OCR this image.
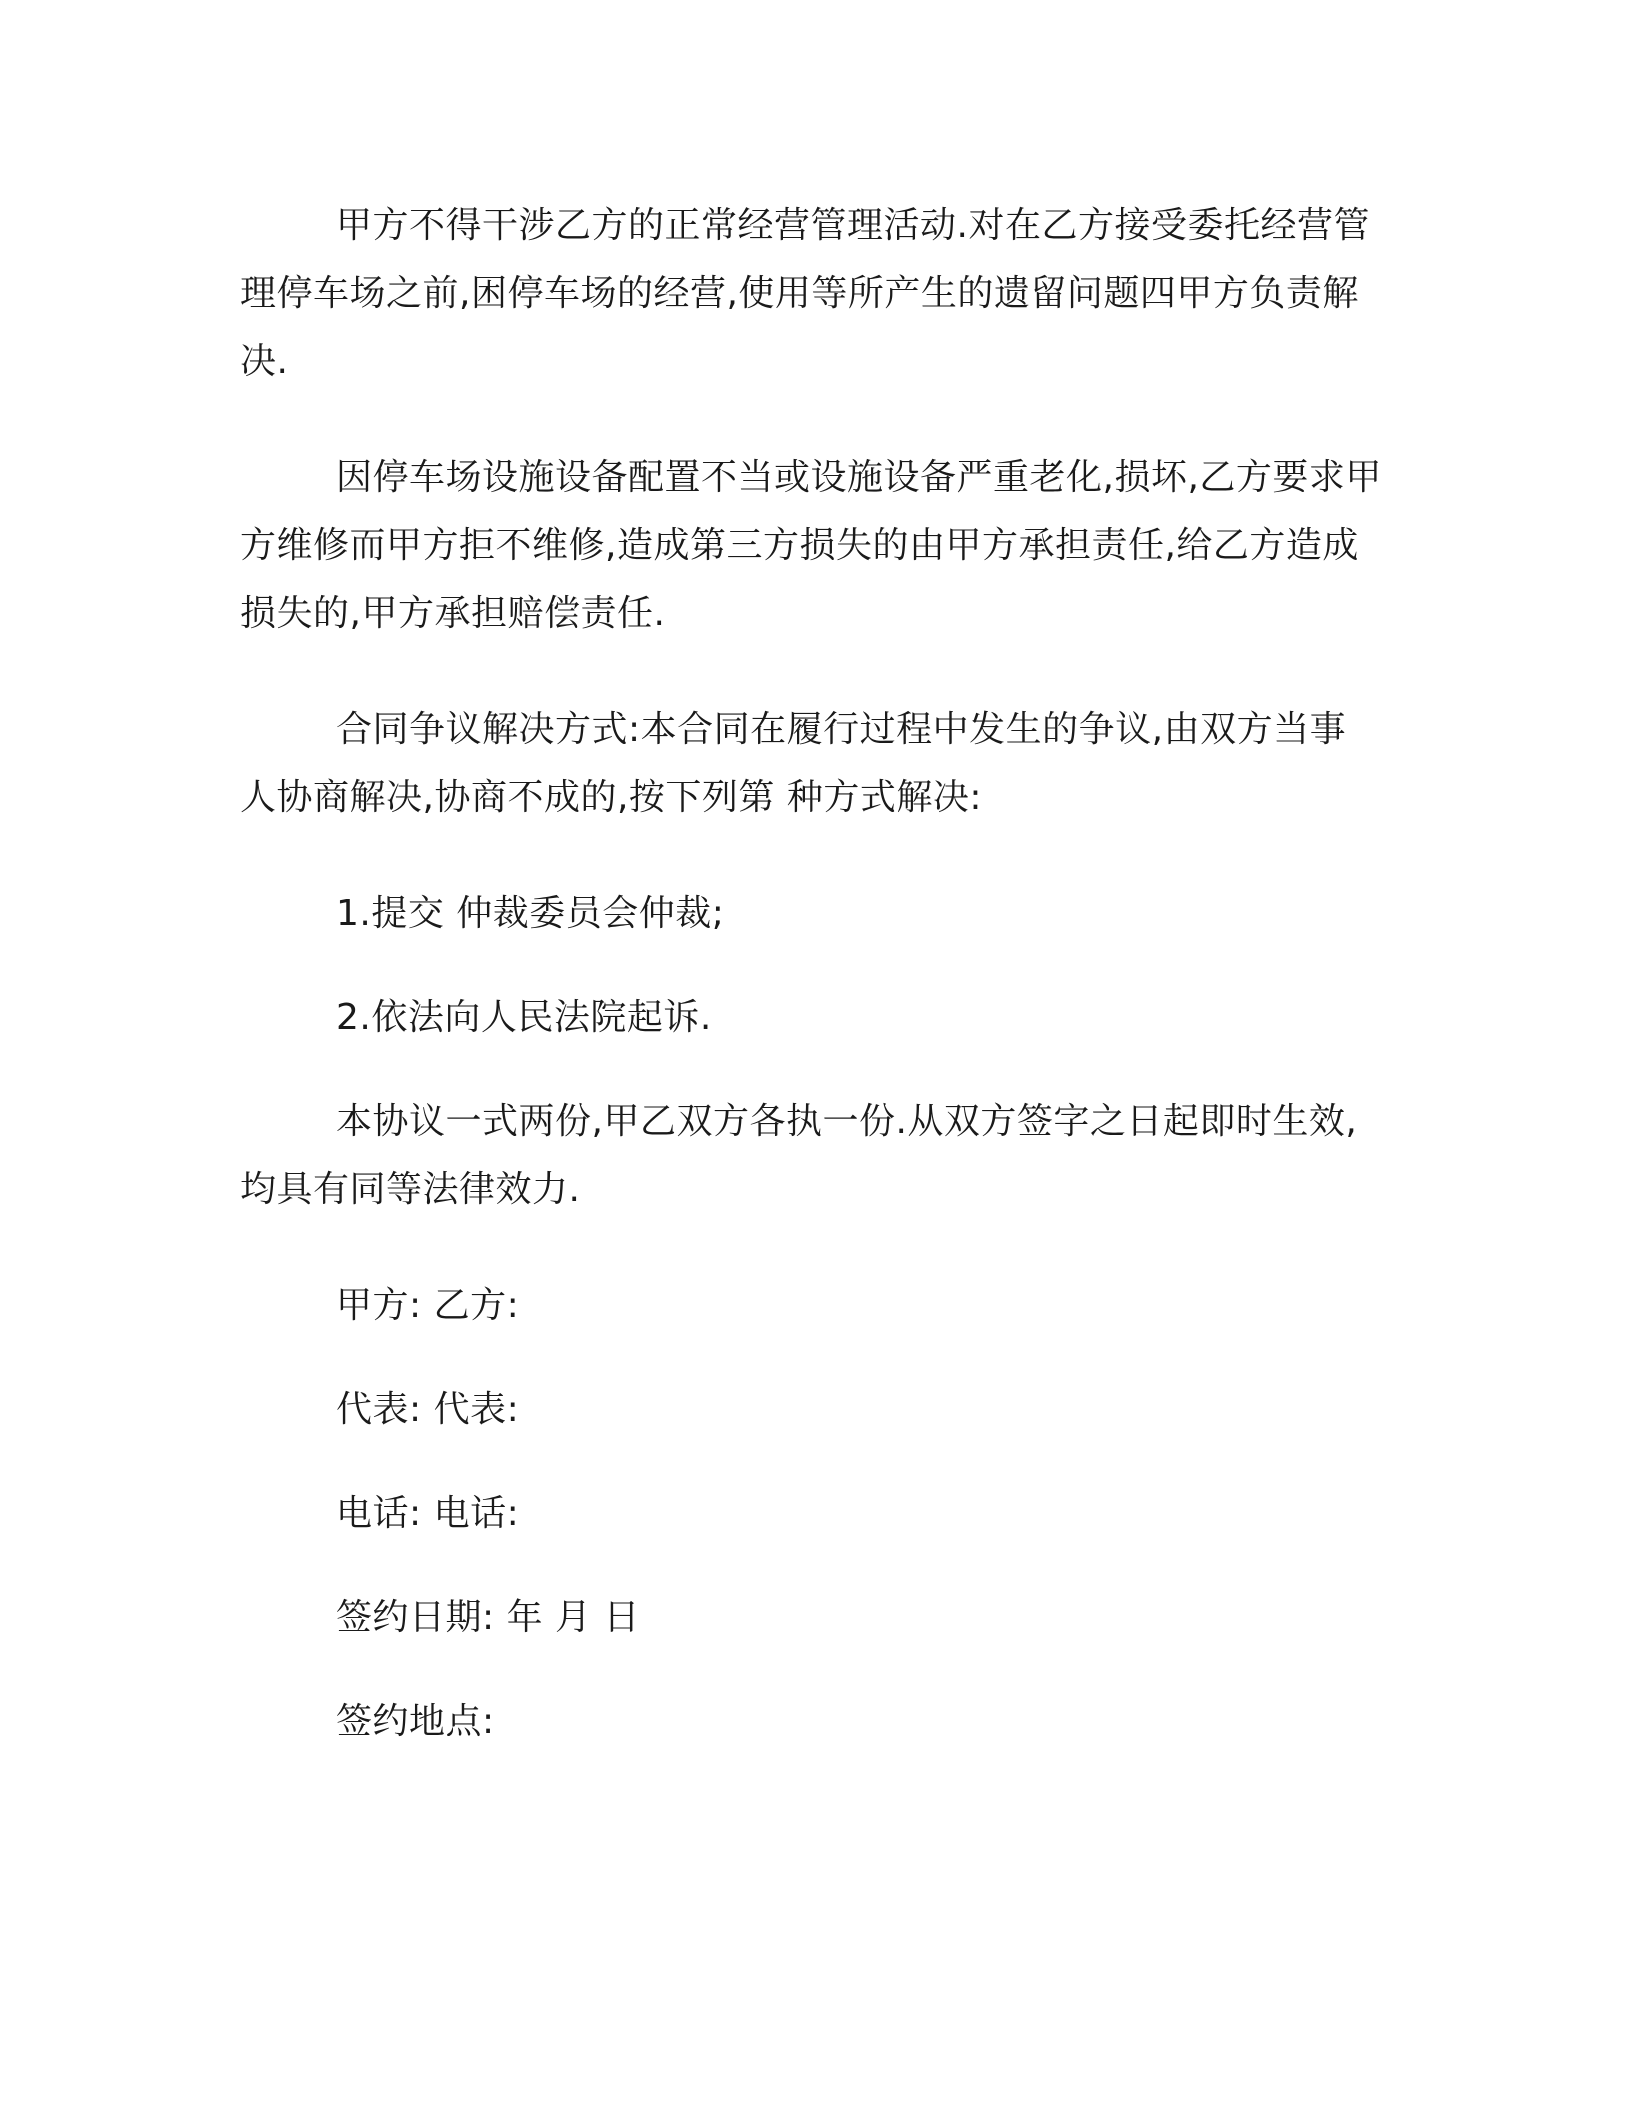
甲方不得干涉乙方的正常经营管理活动.对在乙方接受委托经营管理停车场之前,困停车场的经营,使用等所产生的遗留问题四甲方负责解决.

因停车场设施设备配置不当或设施设备严重老化,损坏,乙方要求甲方维修而甲方拒不维修,造成第三方损失的由甲方承担责任,给乙方造成损失的,甲方承担赔偿责任.

合同争议解决方式:本合同在履行过程中发生的争议,由双方当事人协商解决,协商不成的,按下列第 种方式解决:

1.提交 仲裁委员会仲裁;

2.依法向人民法院起诉.

本协议一式两份,甲乙双方各执一份.从双方签字之日起即时生效,均具有同等法律效力.

甲方: 乙方:

代表: 代表:

电话: 电话:

签约日期: 年 月 日

签约地点:
